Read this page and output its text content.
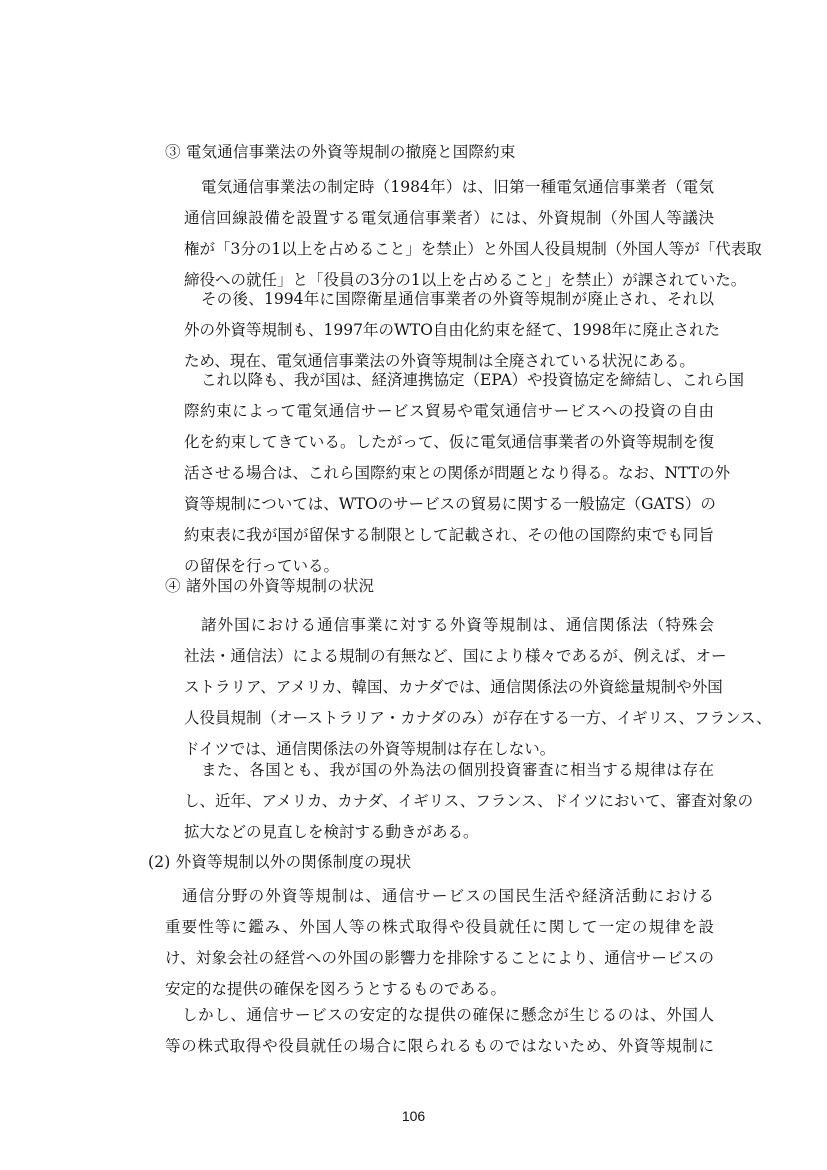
③ 電気通信事業法の外資等規制の撤廃と国際約束
電気通信事業法の制定時（1984年）は、旧第一種電気通信事業者（電気
通信回線設備を設置する電気通信事業者）には、外資規制（外国人等議決
権が「3分の1以上を占めること」を禁止）と外国人役員規制（外国人等が「代表取
締役への就任」と「役員の3分の1以上を占めること」を禁止）が課されていた。
その後、1994年に国際衛星通信事業者の外資等規制が廃止され、それ以
外の外資等規制も、1997年のWTO自由化約束を経て、1998年に廃止された
ため、現在、電気通信事業法の外資等規制は全廃されている状況にある。
これ以降も、我が国は、経済連携協定（EPA）や投資協定を締結し、これら国
際約束によって電気通信サービス貿易や電気通信サービスへの投資の自由
化を約束してきている。したがって、仮に電気通信事業者の外資等規制を復
活させる場合は、これら国際約束との関係が問題となり得る。なお、NTTの外
資等規制については、WTOのサービスの貿易に関する一般協定（GATS）の
約束表に我が国が留保する制限として記載され、その他の国際約束でも同旨
の留保を行っている。
④ 諸外国の外資等規制の状況
諸外国における通信事業に対する外資等規制は、通信関係法（特殊会
社法・通信法）による規制の有無など、国により様々であるが、例えば、オー
ストラリア、アメリカ、韓国、カナダでは、通信関係法の外資総量規制や外国
人役員規制（オーストラリア・カナダのみ）が存在する一方、イギリス、フランス、
ドイツでは、通信関係法の外資等規制は存在しない。
また、各国とも、我が国の外為法の個別投資審査に相当する規律は存在
し、近年、アメリカ、カナダ、イギリス、フランス、ドイツにおいて、審査対象の
拡大などの見直しを検討する動きがある。
(2) 外資等規制以外の関係制度の現状
通信分野の外資等規制は、通信サービスの国民生活や経済活動における
重要性等に鑑み、外国人等の株式取得や役員就任に関して一定の規律を設
け、対象会社の経営への外国の影響力を排除することにより、通信サービスの
安定的な提供の確保を図ろうとするものである。
しかし、通信サービスの安定的な提供の確保に懸念が生じるのは、外国人
等の株式取得や役員就任の場合に限られるものではないため、外資等規制に
106
